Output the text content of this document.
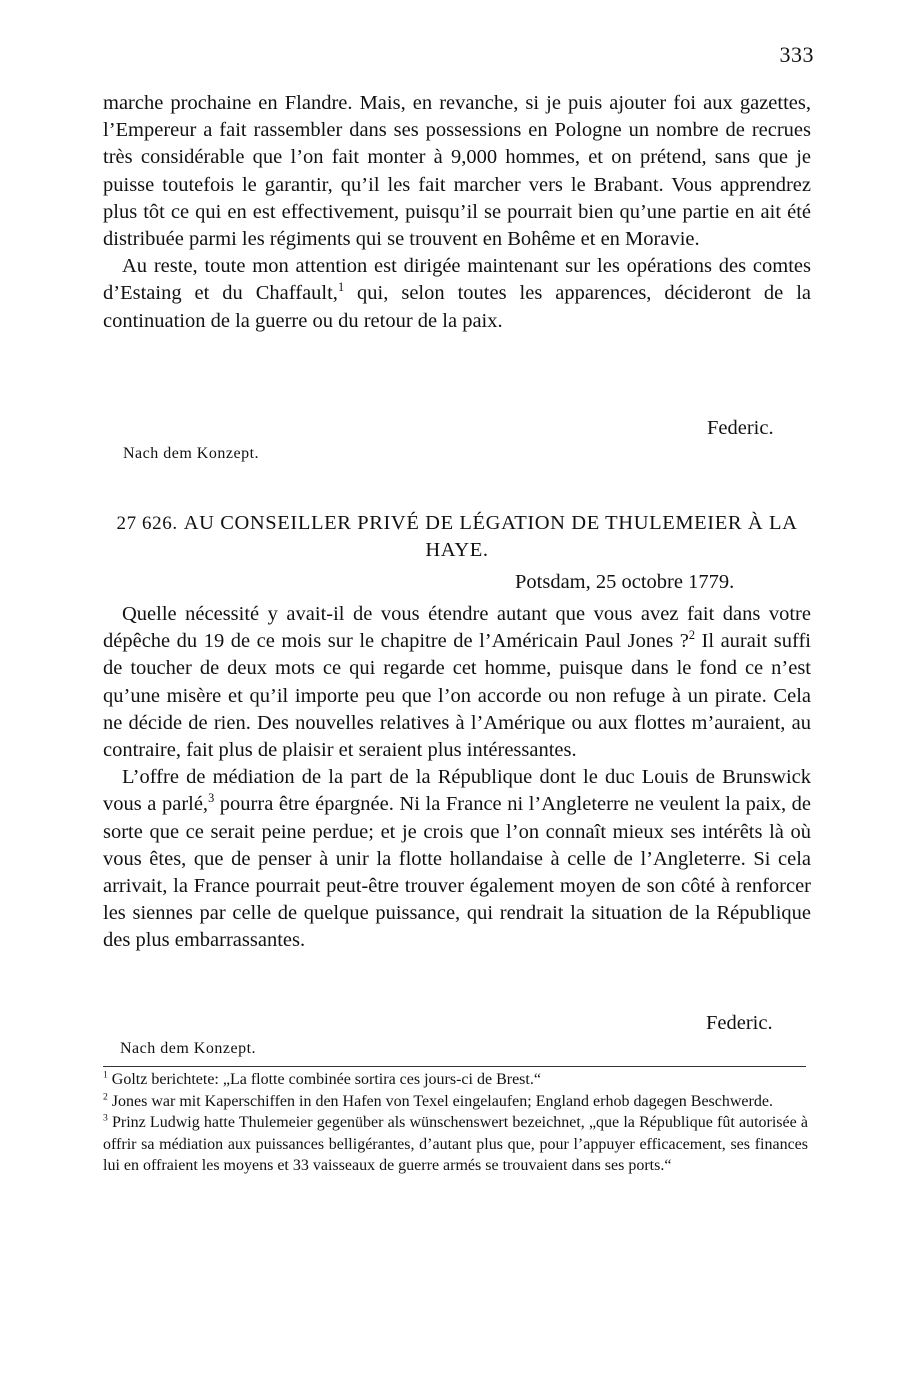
333

marche prochaine en Flandre. Mais, en revanche, si je puis ajouter foi aux gazettes, l’Empereur a fait rassembler dans ses possessions en Pologne un nombre de recrues très considérable que l’on fait monter à 9,000 hommes, et on prétend, sans que je puisse toutefois le garantir, qu’il les fait marcher vers le Brabant. Vous apprendrez plus tôt ce qui en est effectivement, puisqu’il se pourrait bien qu’une partie en ait été distribuée parmi les régiments qui se trouvent en Bohême et en Moravie.

Au reste, toute mon attention est dirigée maintenant sur les opérations des comtes d’Estaing et du Chaffault,$^1$ qui, selon toutes les apparences, décideront de la continuation de la guerre ou du retour de la paix.

Federic.
Nach dem Konzept.

27 626. AU CONSEILLER PRIVÉ DE LÉGATION DE THULEMEIER À LA HAYE.

Potsdam, 25 octobre 1779.

Quelle nécessité y avait-il de vous étendre autant que vous avez fait dans votre dépêche du 19 de ce mois sur le chapitre de l’Américain Paul Jones ?$^2$ Il aurait suffi de toucher de deux mots ce qui regarde cet homme, puisque dans le fond ce n’est qu’une misère et qu’il importe peu que l’on accorde ou non refuge à un pirate. Cela ne décide de rien. Des nouvelles relatives à l’Amérique ou aux flottes m’auraient, au contraire, fait plus de plaisir et seraient plus intéressantes.

L’offre de médiation de la part de la République dont le duc Louis de Brunswick vous a parlé,$^3$ pourra être épargnée. Ni la France ni l’Angleterre ne veulent la paix, de sorte que ce serait peine perdue; et je crois que l’on connaît mieux ses intérêts là où vous êtes, que de penser à unir la flotte hollandaise à celle de l’Angleterre. Si cela arrivait, la France pourrait peut-être trouver également moyen de son côté à renforcer les siennes par celle de quelque puissance, qui rendrait la situation de la République des plus embarrassantes.

Federic.
Nach dem Konzept.

$^1$ Goltz berichtete: „La flotte combinée sortira ces jours-ci de Brest.“

$^2$ Jones war mit Kaperschiffen in den Hafen von Texel eingelaufen; England erhob dagegen Beschwerde.

$^3$ Prinz Ludwig hatte Thulemeier gegenüber als wünschenswert bezeichnet, „que la République fût autorisée à offrir sa médiation aux puissances belligérantes, d’autant plus que, pour l’appuyer efficacement, ses finances lui en offraient les moyens et 33 vaisseaux de guerre armés se trouvaient dans ses ports.“
